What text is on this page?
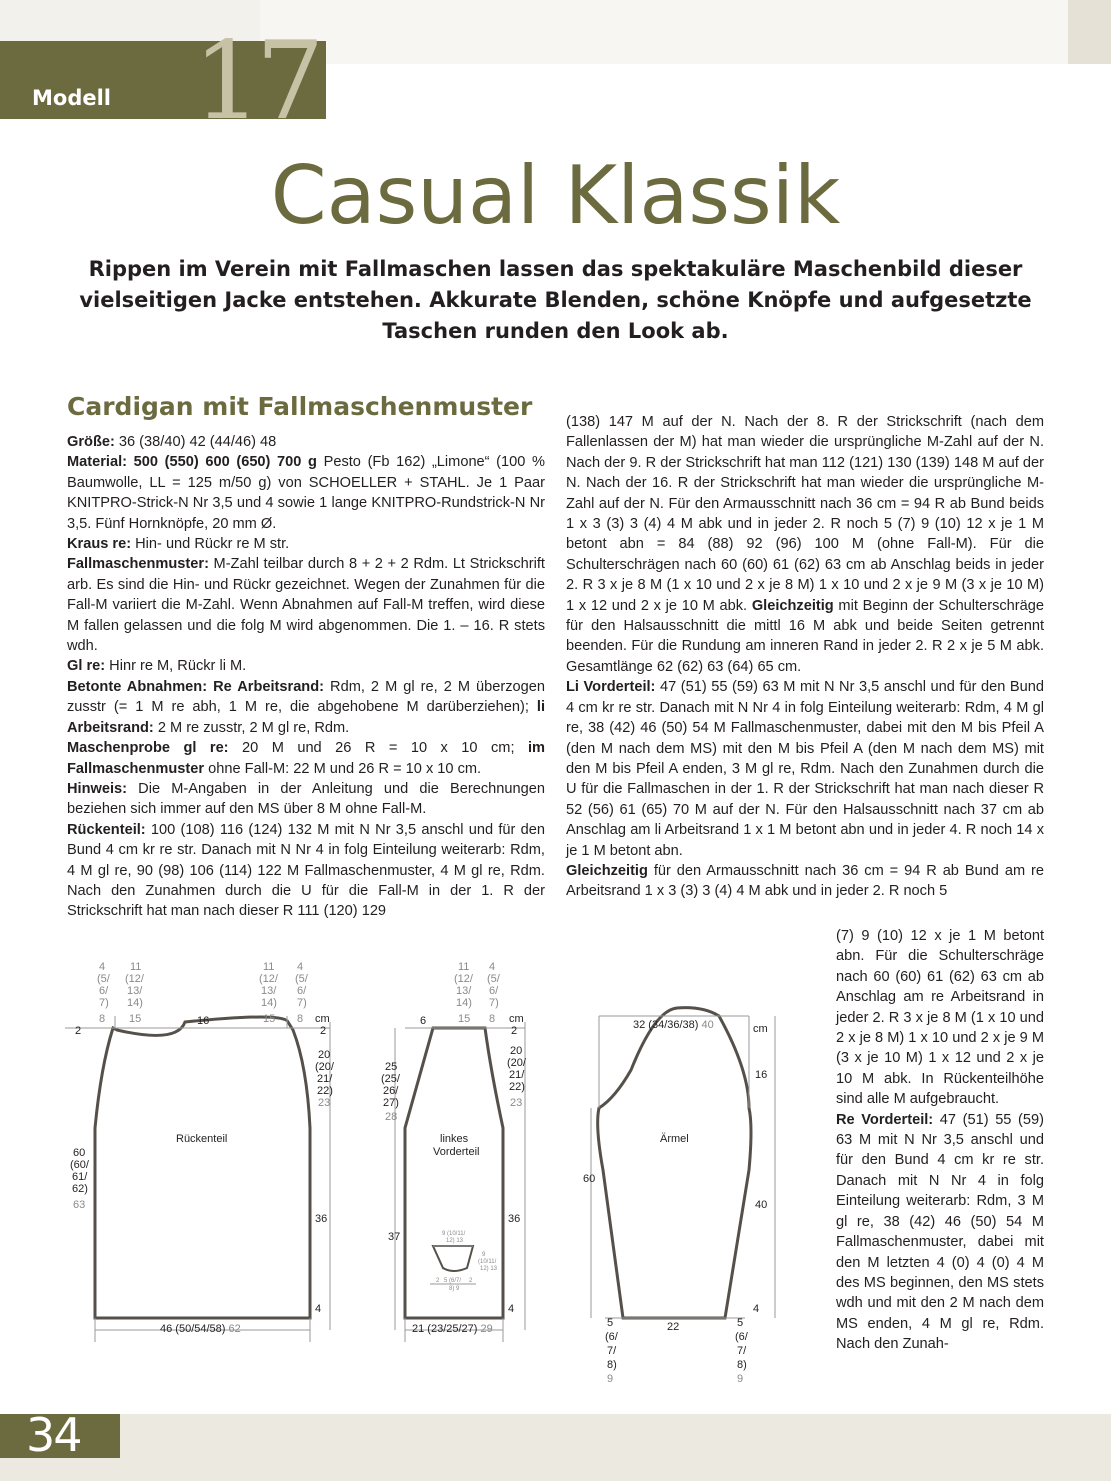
Modell 17
Casual Klassik
Rippen im Verein mit Fallmaschen lassen das spektakuläre Maschenbild dieser vielseitigen Jacke entstehen. Akkurate Blenden, schöne Knöpfe und aufgesetzte Taschen runden den Look ab.
Cardigan mit Fallmaschenmuster

Größe: 36 (38/40) 42 (44/46) 48

Material: 500 (550) 600 (650) 700 g Pesto (Fb 162) „Limone“ (100 % Baumwolle, LL = 125 m/50 g) von SCHOELLER + STAHL. Je 1 Paar KNITPRO-Strick-N Nr 3,5 und 4 sowie 1 lange KNITPRO-Rundstrick-N Nr 3,5. Fünf Hornknöpfe, 20 mm Ø.

Kraus re: Hin- und Rückr re M str.

Fallmaschenmuster: M-Zahl teilbar durch 8 + 2 + 2 Rdm. Lt Strickschrift arb. Es sind die Hin- und Rückr gezeichnet. Wegen der Zunahmen für die Fall-M variiert die M-Zahl. Wenn Abnahmen auf Fall-M treffen, wird diese M fallen gelassen und die folg M wird abgenommen. Die 1. – 16. R stets wdh.

Gl re: Hinr re M, Rückr li M.

Betonte Abnahmen: Re Arbeitsrand: Rdm, 2 M gl re, 2 M überzogen zusstr (= 1 M re abh, 1 M re, die abgehobene M darüberziehen); li Arbeitsrand: 2 M re zusstr, 2 M gl re, Rdm.

Maschenprobe gl re: 20 M und 26 R = 10 x 10 cm; im Fallmaschenmuster ohne Fall-M: 22 M und 26 R = 10 x 10 cm.

Hinweis: Die M-Angaben in der Anleitung und die Berechnungen beziehen sich immer auf den MS über 8 M ohne Fall-M.

Rückenteil: 100 (108) 116 (124) 132 M mit N Nr 3,5 anschl und für den Bund 4 cm kr re str. Danach mit N Nr 4 in folg Einteilung weiterarb: Rdm, 4 M gl re, 90 (98) 106 (114) 122 M Fallmaschenmuster, 4 M gl re, Rdm. Nach den Zunahmen durch die U für die Fall-M in der 1. R der Strickschrift hat man nach dieser R 111 (120) 129

(138) 147 M auf der N. Nach der 8. R der Strickschrift (nach dem Fallenlassen der M) hat man wieder die ursprüngliche M-Zahl auf der N. Nach der 9. R der Strickschrift hat man 112 (121) 130 (139) 148 M auf der N. Nach der 16. R der Strickschrift hat man wieder die ursprüngliche M-Zahl auf der N. Für den Armausschnitt nach 36 cm = 94 R ab Bund beids 1 x 3 (3) 3 (4) 4 M abk und in jeder 2. R noch 5 (7) 9 (10) 12 x je 1 M betont abn = 84 (88) 92 (96) 100 M (ohne Fall-M). Für die Schulterschrägen nach 60 (60) 61 (62) 63 cm ab Anschlag beids in jeder 2. R 3 x je 8 M (1 x 10 und 2 x je 8 M) 1 x 10 und 2 x je 9 M (3 x je 10 M) 1 x 12 und 2 x je 10 M abk. Gleichzeitig mit Beginn der Schulterschräge für den Halsausschnitt die mittl 16 M abk und beide Seiten getrennt beenden. Für die Rundung am inneren Rand in jeder 2. R 2 x je 5 M abk. Gesamtlänge 62 (62) 63 (64) 65 cm.

Li Vorderteil: 47 (51) 55 (59) 63 M mit N Nr 3,5 anschl und für den Bund 4 cm kr re str. Danach mit N Nr 4 in folg Einteilung weiterarb: Rdm, 4 M gl re, 38 (42) 46 (50) 54 M Fallmaschenmuster, dabei mit den M bis Pfeil A (den M nach dem MS) mit den M bis Pfeil A (den M nach dem MS) mit den M bis Pfeil A enden, 3 M gl re, Rdm. Nach den Zunahmen durch die U für die Fallmaschen in der 1. R der Strickschrift hat man nach dieser R 52 (56) 61 (65) 70 M auf der N. Für den Halsausschnitt nach 37 cm ab Anschlag am li Arbeitsrand 1 x 1 M betont abn und in jeder 4. R noch 14 x je 1 M betont abn.

Gleichzeitig für den Armausschnitt nach 36 cm = 94 R ab Bund am re Arbeitsrand 1 x 3 (3) 3 (4) 4 M abk und in jeder 2. R noch 5

(7) 9 (10) 12 x je 1 M betont abn. Für die Schulterschräge nach 60 (60) 61 (62) 63 cm ab Anschlag am re Arbeitsrand in jeder 2. R 3 x je 8 M (1 x 10 und 2 x je 8 M) 1 x 10 und 2 x je 9 M (3 x je 10 M) 1 x 12 und 2 x je 10 M abk. In Rückenteilhöhe sind alle M aufgebraucht.

Re Vorderteil: 47 (51) 55 (59) 63 M mit N Nr 3,5 anschl und für den Bund 4 cm kr re str. Danach mit N Nr 4 in folg Einteilung weiterarb: Rdm, 3 M gl re, 38 (42) 46 (50) 54 M Fallmaschenmuster, dabei mit den M letzten 4 (0) 4 (0) 4 M des MS beginnen, den MS stets wdh und mit den 2 M nach dem MS enden, 4 M gl re, Rdm. Nach den Zunah-

4 (5/ 6/ 7) 8
11 (12/ 13/ 14) 15	16
11 (12/ 13/ 14) 15
4 (5/ 6/ 7) 8	cm
2	2
20 (20/ 21/ 22) 23
Rückenteil
60 (60/ 61/ 62) 63
36
4
46 (50/54/58) 62
6
11 (12/ 13/ 14) 15
4 (5/ 6/ 7) 8	cm
2
25 (25/ 26/ 27) 28
20 (20/ 21/ 22) 23
linkes
Vorderteil
37
36
4
9 (10/11/ 12) 13
9 (10/11/ 12) 13
2 5 (6/7/ 8) 92
21 (23/25/27) 29
32 (34/36/38) 40	cm
16
Ärmel
60
40
4
22
5 (6/ 7/ 8) 9
5 (6/ 7/ 8) 9
34
